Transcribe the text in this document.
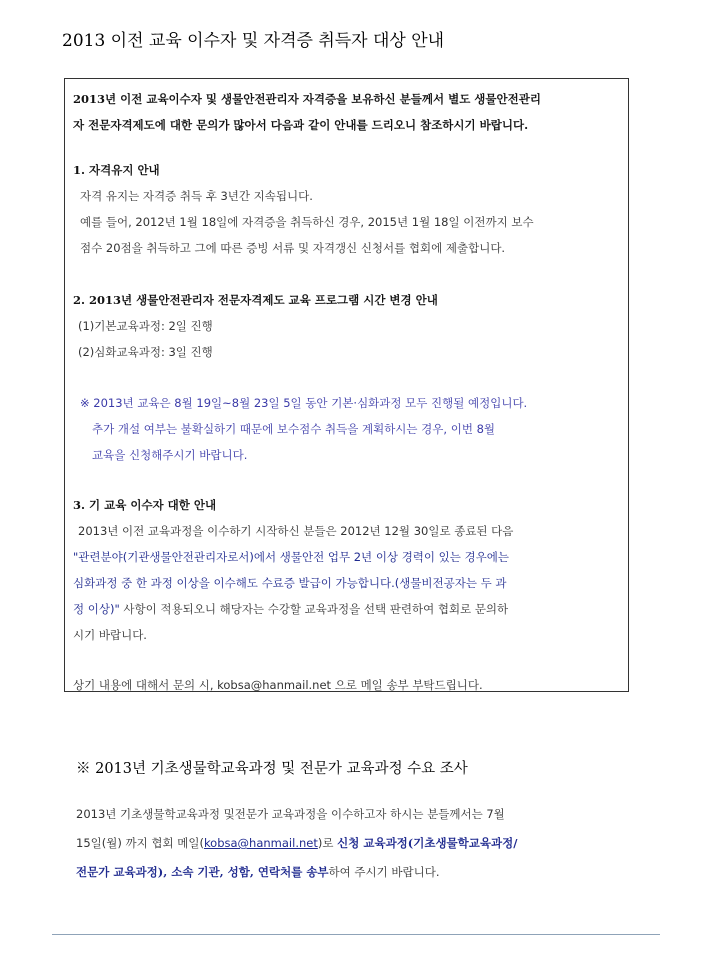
2013 이전 교육 이수자 및 자격증 취득자 대상 안내
2013년 이전 교육이수자 및 생물안전관리자 자격증을 보유하신 분들께서 별도 생물안전관리
자 전문자격제도에 대한 문의가 많아서 다음과 같이 안내를 드리오니 참조하시기 바랍니다.
1. 자격유지 안내
자격 유지는 자격증 취득 후 3년간 지속됩니다.
예를 들어, 2012년 1월 18일에 자격증을 취득하신 경우, 2015년 1월 18일 이전까지 보수
점수 20점을 취득하고 그에 따른 증빙 서류 및 자격갱신 신청서를 협회에 제출합니다.
2. 2013년 생물안전관리자 전문자격제도 교육 프로그램 시간 변경 안내
(1)기본교육과정: 2일 진행
(2)심화교육과정: 3일 진행
※ 2013년 교육은 8월 19일~8월 23일 5일 동안 기본·심화과정 모두 진행될 예정입니다.
추가 개설 여부는 불확실하기 때문에 보수점수 취득을 계획하시는 경우, 이번 8월
교육을 신청해주시기 바랍니다.
3. 기 교육 이수자 대한 안내
2013년 이전 교육과정을 이수하기 시작하신 분들은 2012년 12월 30일로 종료된 다음
"관련분야(기관생물안전관리자로서)에서 생물안전 업무 2년 이상 경력이 있는 경우에는
심화과정 중 한 과정 이상을 이수해도 수료증 발급이 가능합니다.(생물비전공자는 두 과
정 이상)" 사항이 적용되오니 해당자는 수강할 교육과정을 선택 판련하여 협회로 문의하
시기 바랍니다.
상기 내용에 대해서 문의 시, kobsa@hanmail.net 으로 메일 송부 부탁드립니다.
※ 2013년 기초생물학교육과정 및 전문가 교육과정 수요 조사
2013년 기초생물학교육과정 및전문가 교육과정을 이수하고자 하시는 분들께서는 7월
15일(월) 까지 협회 메일(kobsa@hanmail.net)로 신청 교육과정(기초생물학교육과정/
전문가 교육과정), 소속 기관, 성함, 연락처를 송부하여 주시기 바랍니다.
